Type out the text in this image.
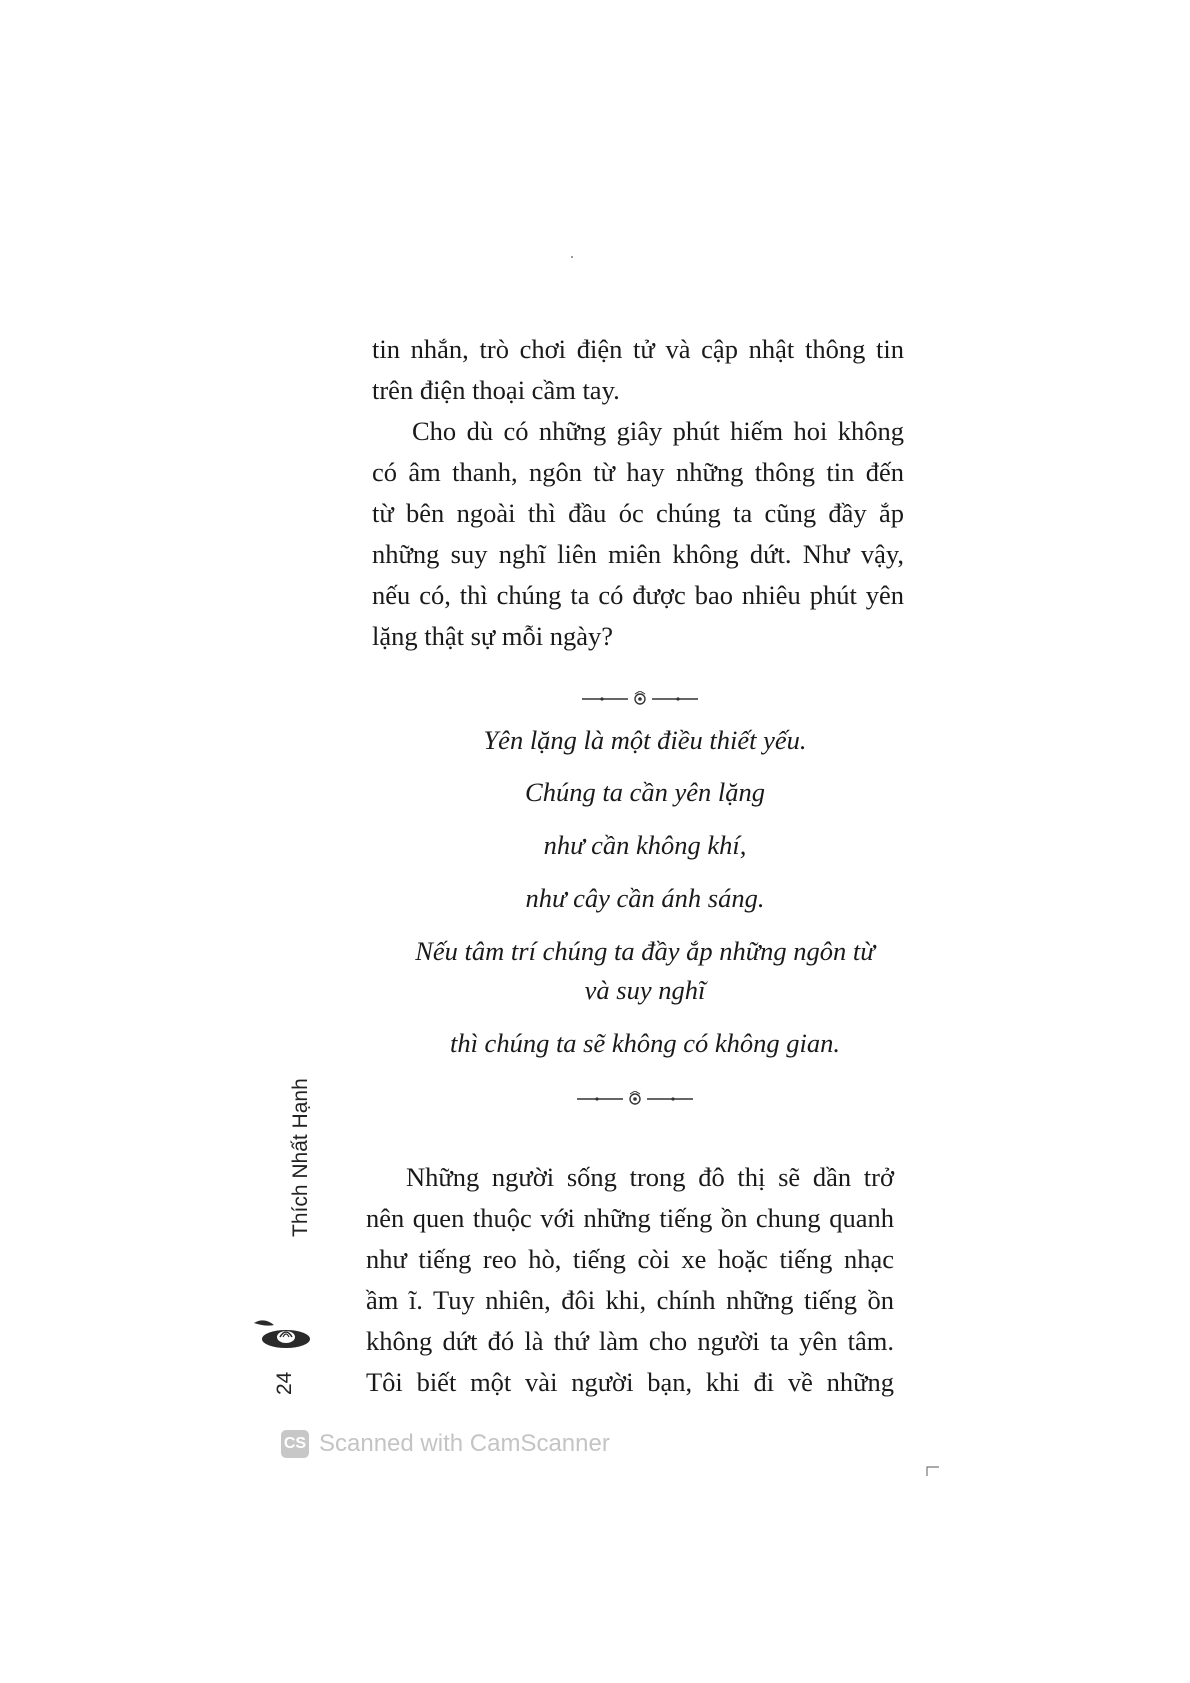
tin nhắn, trò chơi điện tử và cập nhật thông tin
trên điện thoại cầm tay.
Cho dù có những giây phút hiếm hoi không
có âm thanh, ngôn từ hay những thông tin đến
từ bên ngoài thì đầu óc chúng ta cũng đầy ắp
những suy nghĩ liên miên không dứt. Như vậy,
nếu có, thì chúng ta có được bao nhiêu phút yên
lặng thật sự mỗi ngày?
Yên lặng là một điều thiết yếu.
Chúng ta cần yên lặng
như cần không khí,
như cây cần ánh sáng.
Nếu tâm trí chúng ta đầy ắp những ngôn từ
và suy nghĩ
thì chúng ta sẽ không có không gian.
Những người sống trong đô thị sẽ dần trở
nên quen thuộc với những tiếng ồn chung quanh
như tiếng reo hò, tiếng còi xe hoặc tiếng nhạc
ầm ĩ. Tuy nhiên, đôi khi, chính những tiếng ồn
không dứt đó là thứ làm cho người ta yên tâm.
Tôi biết một vài người bạn, khi đi về những
Thích Nhất Hạnh
24
CS Scanned with CamScanner
